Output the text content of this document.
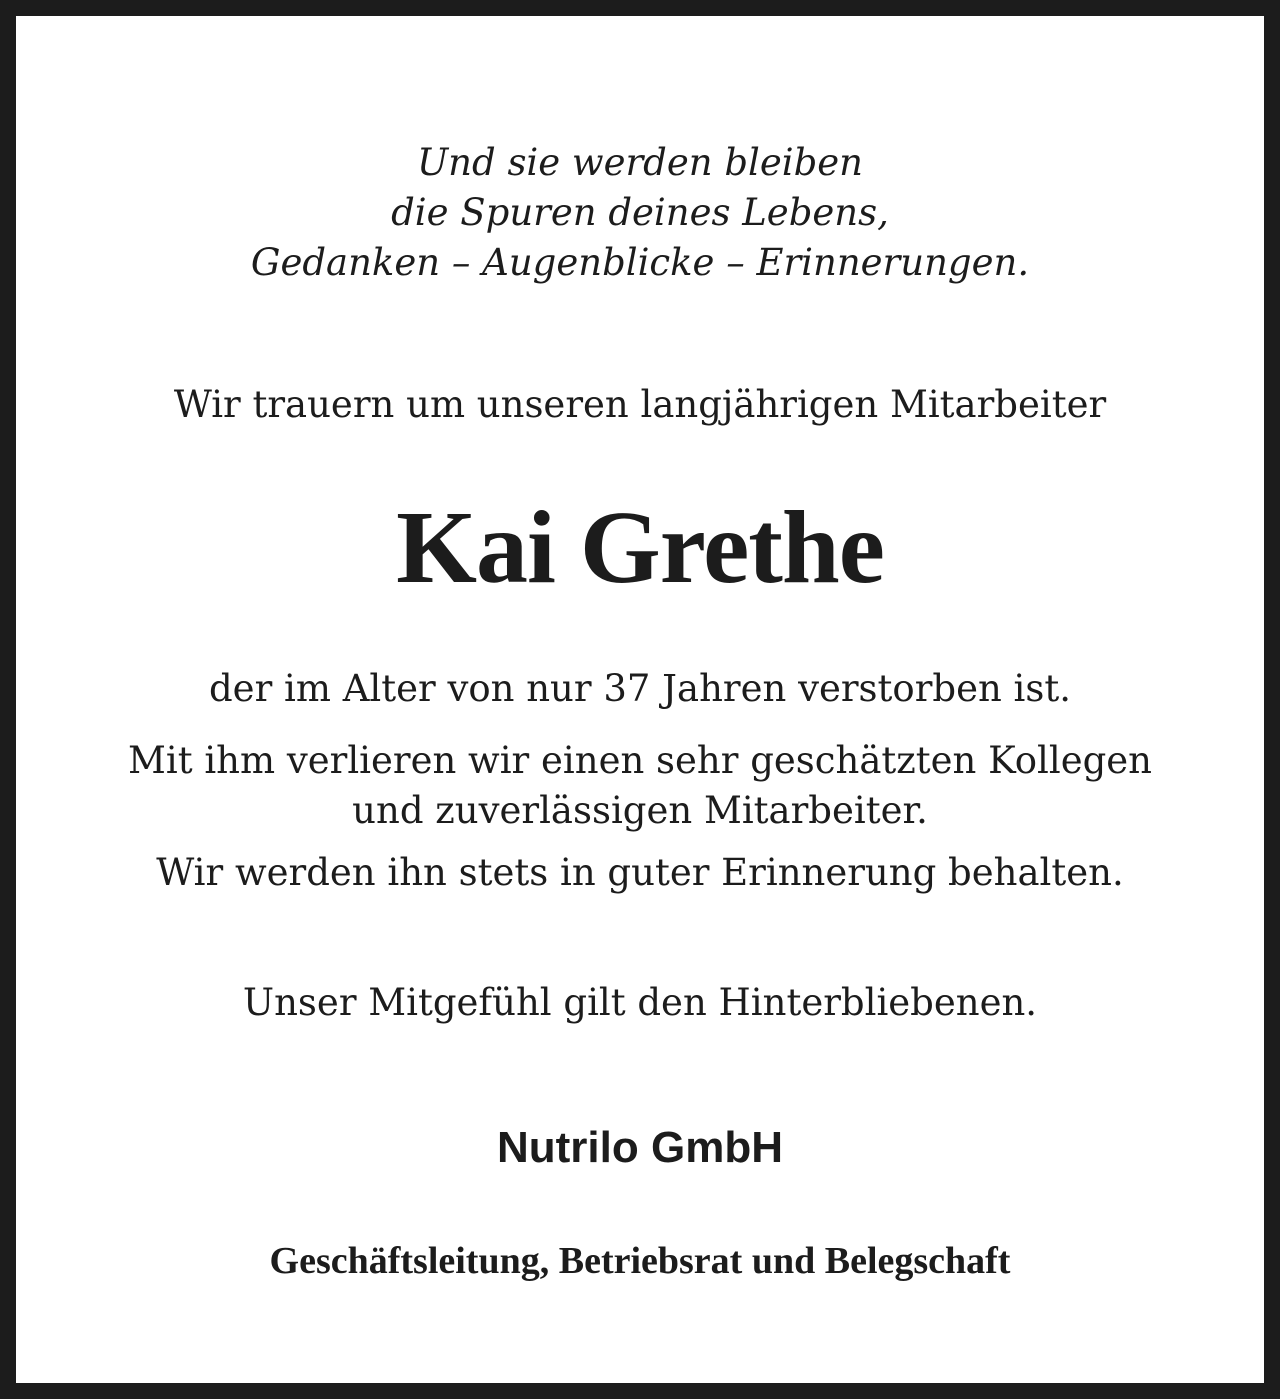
Und sie werden bleiben
die Spuren deines Lebens,
Gedanken – Augenblicke – Erinnerungen.
Wir trauern um unseren langjährigen Mitarbeiter
Kai Grethe
der im Alter von nur 37 Jahren verstorben ist.
Mit ihm verlieren wir einen sehr geschätzten Kollegen
und zuverlässigen Mitarbeiter.
Wir werden ihn stets in guter Erinnerung behalten.
Unser Mitgefühl gilt den Hinterbliebenen.
Nutrilo GmbH
Geschäftsleitung, Betriebsrat und Belegschaft
